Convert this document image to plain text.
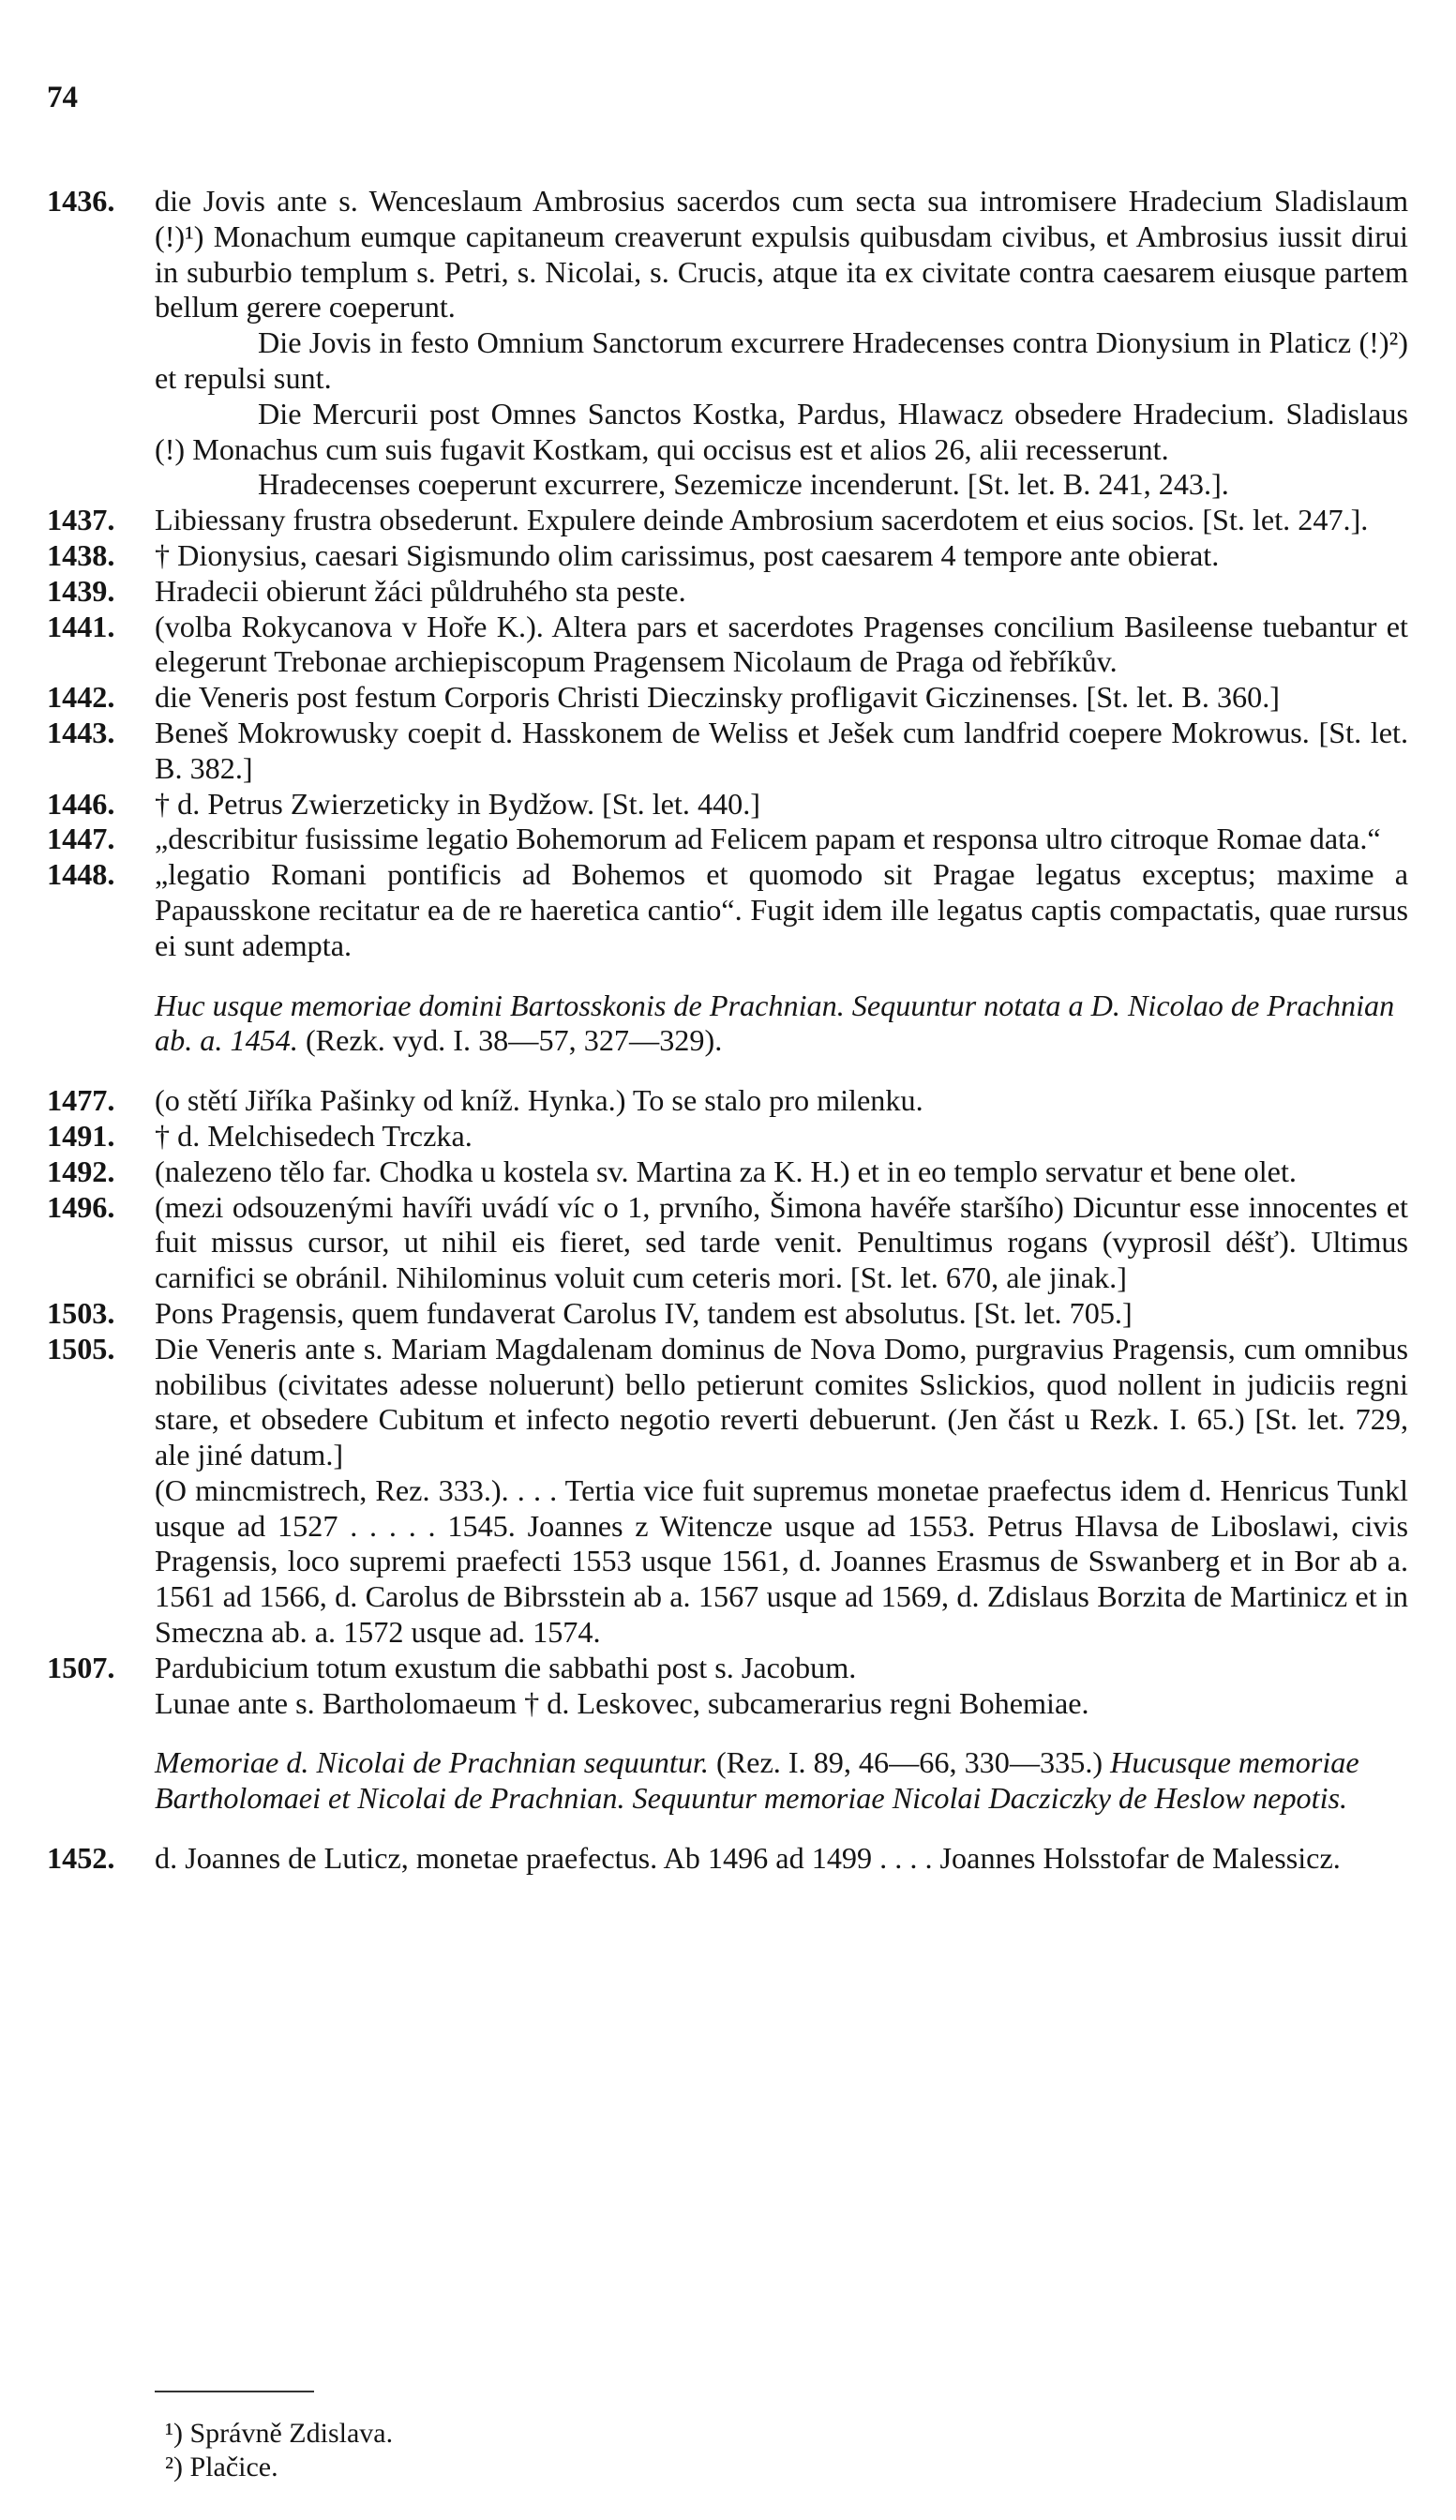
74
1436.	die Jovis ante s. Wenceslaum Ambrosius sacerdos cum secta sua intromisere Hradecium Sladislaum (!)¹) Monachum eumque capitaneum creaverunt expulsis quibusdam civibus, et Ambrosius iussit dirui in suburbio templum s. Petri, s. Nicolai, s. Crucis, atque ita ex civitate contra caesarem eiusque partem bellum gerere coeperunt.
Die Jovis in festo Omnium Sanctorum excurrere Hradecenses contra Dionysium in Platicz (!)²) et repulsi sunt.
Die Mercurii post Omnes Sanctos Kostka, Pardus, Hlawacz obsedere Hradecium. Sladislaus (!) Monachus cum suis fugavit Kostkam, qui occisus est et alios 26, alii recesserunt.
Hradecenses coeperunt excurrere, Sezemicze incenderunt. [St. let. B. 241, 243.].
1437.	Libiessany frustra obsederunt. Expulere deinde Ambrosium sacerdotem et eius socios. [St. let. 247.].
1438.	† Dionysius, caesari Sigismundo olim carissimus, post caesarem 4 tempore ante obierat.
1439.	Hradecii obierunt žáci půldruhého sta peste.
1441.	(volba Rokycanova v Hoře K.). Altera pars et sacerdotes Pragenses concilium Basileense tuebantur et elegerunt Trebonae archiepiscopum Pragensem Nicolaum de Praga od řebříkův.
1442.	die Veneris post festum Corporis Christi Dieczinsky profligavit Giczinenses. [St. let. B. 360.]
1443.	Beneš Mokrowusky coepit d. Hasskonem de Weliss et Ješek cum landfrid coepere Mokrowus. [St. let. B. 382.]
1446.	† d. Petrus Zwierzeticky in Bydžow. [St. let. 440.]
1447.	„describitur fusissime legatio Bohemorum ad Felicem papam et responsa ultro citroque Romae data.“
1448.	„legatio Romani pontificis ad Bohemos et quomodo sit Pragae legatus exceptus; maxime a Papausskone recitatur ea de re haeretica cantio“. Fugit idem ille legatus captis compactatis, quae rursus ei sunt adempta.
Huc usque memoriae domini Bartosskonis de Prachnian. Sequuntur notata a D. Nicolao de Prachnian ab. a. 1454. (Rezk. vyd. I. 38—57, 327—329).
1477.	(o stětí Jiříka Pašinky od kníž. Hynka.) To se stalo pro milenku.
1491.	† d. Melchisedech Trczka.
1492.	(nalezeno tělo far. Chodka u kostela sv. Martina za K. H.) et in eo templo servatur et bene olet.
1496.	(mezi odsouzenými havíři uvádí víc o 1, prvního, Šimona havéře staršího) Dicuntur esse innocentes et fuit missus cursor, ut nihil eis fieret, sed tarde venit. Penultimus rogans (vyprosil déšť). Ultimus carnifici se obránil. Nihilominus voluit cum ceteris mori. [St. let. 670, ale jinak.]
1503.	Pons Pragensis, quem fundaverat Carolus IV, tandem est absolutus. [St. let. 705.]
1505.	Die Veneris ante s. Mariam Magdalenam dominus de Nova Domo, purgravius Pragensis, cum omnibus nobilibus (civitates adesse noluerunt) bello petierunt comites Sslickios, quod nollent in judiciis regni stare, et obsedere Cubitum et infecto negotio reverti debuerunt. (Jen část u Rezk. I. 65.) [St. let. 729, ale jiné datum.]
(O mincmistrech, Rez. 333.). . . . Tertia vice fuit supremus monetae praefectus idem d. Henricus Tunkl usque ad 1527 . . . . . 1545. Joannes z Witencze usque ad 1553. Petrus Hlavsa de Liboslawi, civis Pragensis, loco supremi praefecti 1553 usque 1561, d. Joannes Erasmus de Sswanberg et in Bor ab a. 1561 ad 1566, d. Carolus de Bibrsstein ab a. 1567 usque ad 1569, d. Zdislaus Borzita de Martinicz et in Smeczna ab. a. 1572 usque ad. 1574.
1507.	Pardubicium totum exustum die sabbathi post s. Jacobum.
Lunae ante s. Bartholomaeum † d. Leskovec, subcamerarius regni Bohemiae.
Memoriae d. Nicolai de Prachnian sequuntur. (Rez. I. 89, 46—66, 330—335.) Hucusque memoriae Bartholomaei et Nicolai de Prachnian. Sequuntur memoriae Nicolai Dacziczky de Heslow nepotis.
1452.	d. Joannes de Luticz, monetae praefectus. Ab 1496 ad 1499 . . . . Joannes Holsstofar de Malessicz.
¹) Správně Zdislava.
²) Plačice.
